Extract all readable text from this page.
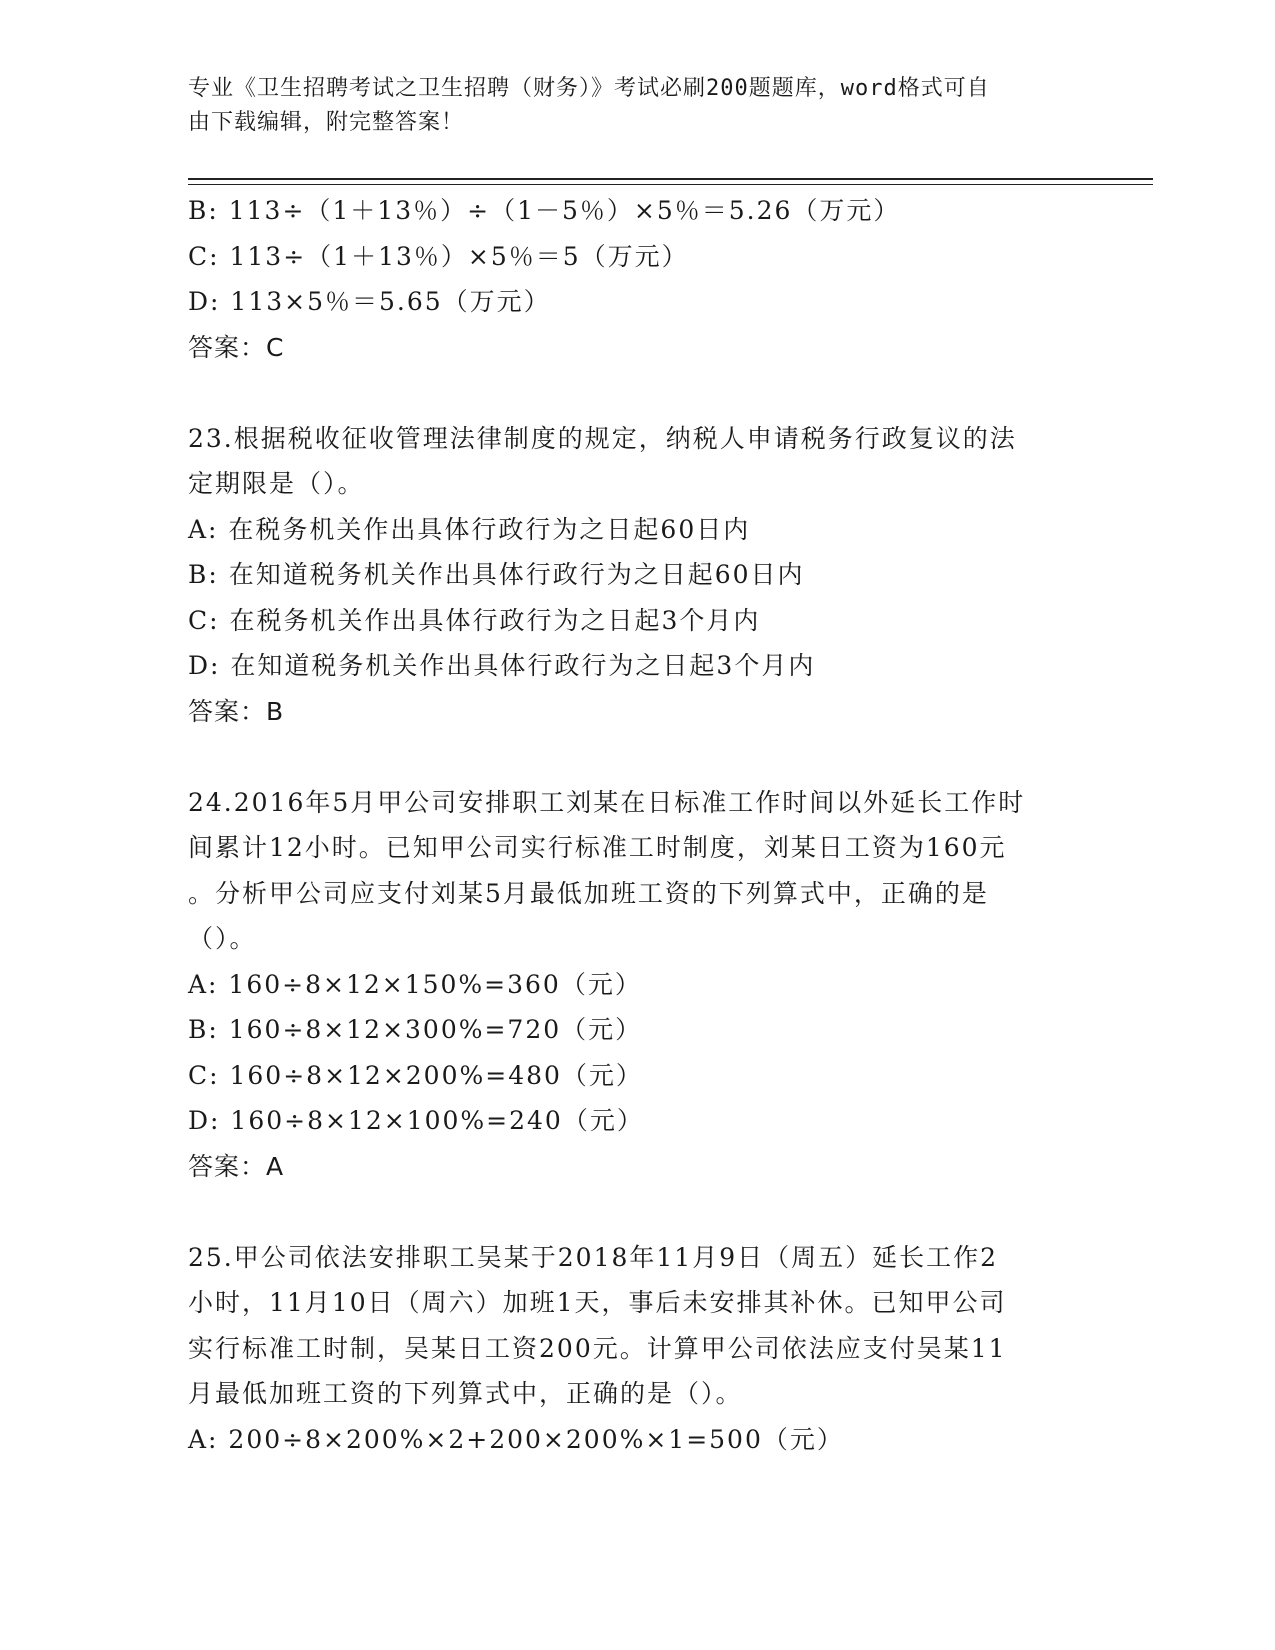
专业《卫生招聘考试之卫生招聘（财务）》考试必刷200题题库，word格式可自
由下载编辑，附完整答案！
B: 113÷（1＋13％）÷（1－5％）×5％＝5.26（万元）
C: 113÷（1＋13％）×5％＝5（万元）
D: 113×5％＝5.65（万元）
答案：C
23.根据税收征收管理法律制度的规定，纳税人申请税务行政复议的法
定期限是（）。
A: 在税务机关作出具体行政行为之日起60日内
B: 在知道税务机关作出具体行政行为之日起60日内
C: 在税务机关作出具体行政行为之日起3个月内
D: 在知道税务机关作出具体行政行为之日起3个月内
答案：B
24.2016年5月甲公司安排职工刘某在日标准工作时间以外延长工作时
间累计12小时。已知甲公司实行标准工时制度，刘某日工资为160元
。分析甲公司应支付刘某5月最低加班工资的下列算式中，正确的是
（）。
A: 160÷8×12×150%=360（元）
B: 160÷8×12×300%=720（元）
C: 160÷8×12×200%=480（元）
D: 160÷8×12×100%=240（元）
答案：A
25.甲公司依法安排职工吴某于2018年11月9日（周五）延长工作2
小时，11月10日（周六）加班1天，事后未安排其补休。已知甲公司
实行标准工时制，吴某日工资200元。计算甲公司依法应支付吴某11
月最低加班工资的下列算式中，正确的是（）。
A: 200÷8×200%×2+200×200%×1=500（元）
